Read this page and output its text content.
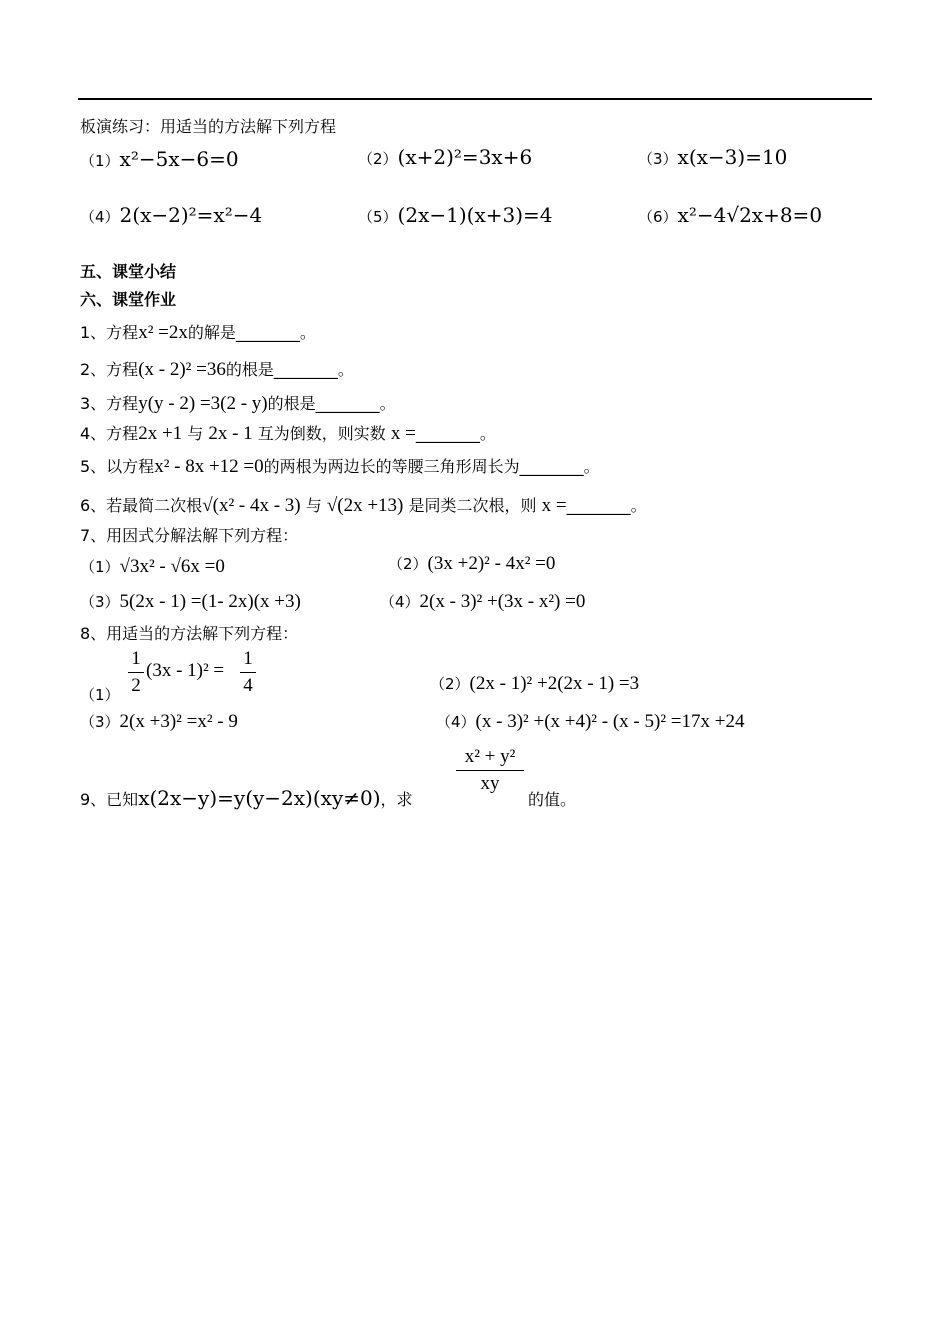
板演练习：用适当的方法解下列方程
（1）x²−5x−6=0	（2）(x+2)²=3x+6	（3）x(x−3)=10
（4）2(x−2)²=x²−4	（5）(2x−1)(x+3)=4	（6）x²−4√2x+8=0
五、课堂小结
六、课堂作业
1、方程x² =2x的解是________。
2、方程(x - 2)² =36的根是________。
3、方程y(y - 2) =3(2 - y)的根是________。
4、方程2x +1 与 2x - 1 互为倒数，则实数 x =________。
5、以方程x² - 8x +12 =0的两根为两边长的等腰三角形周长为________。
6、若最简二次根√(x² - 4x - 3) 与 √(2x +13) 是同类二次根，则 x =________。
7、用因式分解法解下列方程：
（1）√3x² - √6x =0	（2）(3x +2)² - 4x² =0
（3）5(2x - 1) =(1- 2x)(x +3)	（4）2(x - 3)² +(3x - x²) =0
8、用适当的方法解下列方程：
（1）
1
2
(3x - 1)² =
1
4	（2）(2x - 1)² +2(2x - 1) =3
（3）2(x +3)² =x² - 9	（4）(x - 3)² +(x +4)² - (x - 5)² =17x +24
9、已知x(2x−y)=y(y−2x)(xy≠0)，求
x² + y²
xy
的值。
